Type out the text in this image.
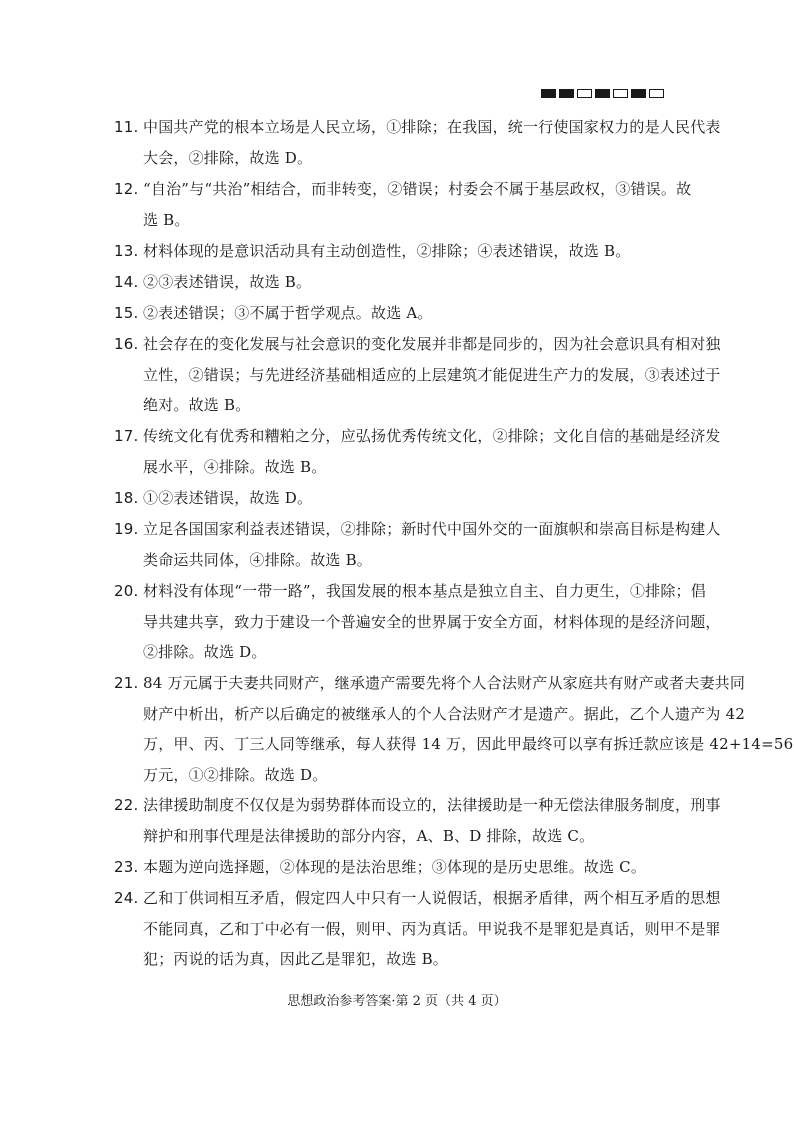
11. 中国共产党的根本立场是人民立场，①排除；在我国，统一行使国家权力的是人民代表
大会，②排除，故选 D。
12. “自治”与“共治”相结合，而非转变，②错误；村委会不属于基层政权，③错误。故
选 B。
13. 材料体现的是意识活动具有主动创造性，②排除；④表述错误，故选 B。
14. ②③表述错误，故选 B。
15. ②表述错误；③不属于哲学观点。故选 A。
16. 社会存在的变化发展与社会意识的变化发展并非都是同步的，因为社会意识具有相对独
立性，②错误；与先进经济基础相适应的上层建筑才能促进生产力的发展，③表述过于
绝对。故选 B。
17. 传统文化有优秀和糟粕之分，应弘扬优秀传统文化，②排除；文化自信的基础是经济发
展水平，④排除。故选 B。
18. ①②表述错误，故选 D。
19. 立足各国国家利益表述错误，②排除；新时代中国外交的一面旗帜和崇高目标是构建人
类命运共同体，④排除。故选 B。
20. 材料没有体现“一带一路”，我国发展的根本基点是独立自主、自力更生，①排除；倡
导共建共享，致力于建设一个普遍安全的世界属于安全方面，材料体现的是经济问题，
②排除。故选 D。
21. 84 万元属于夫妻共同财产，继承遗产需要先将个人合法财产从家庭共有财产或者夫妻共同
财产中析出，析产以后确定的被继承人的个人合法财产才是遗产。据此，乙个人遗产为 42
万，甲、丙、丁三人同等继承，每人获得 14 万，因此甲最终可以享有拆迁款应该是 42+14=56
万元，①②排除。故选 D。
22. 法律援助制度不仅仅是为弱势群体而设立的，法律援助是一种无偿法律服务制度，刑事
辩护和刑事代理是法律援助的部分内容，A、B、D 排除，故选 C。
23. 本题为逆向选择题，②体现的是法治思维；③体现的是历史思维。故选 C。
24. 乙和丁供词相互矛盾，假定四人中只有一人说假话，根据矛盾律，两个相互矛盾的思想
不能同真，乙和丁中必有一假，则甲、丙为真话。甲说我不是罪犯是真话，则甲不是罪
犯；丙说的话为真，因此乙是罪犯，故选 B。
思想政治参考答案·第 2 页（共 4 页）
